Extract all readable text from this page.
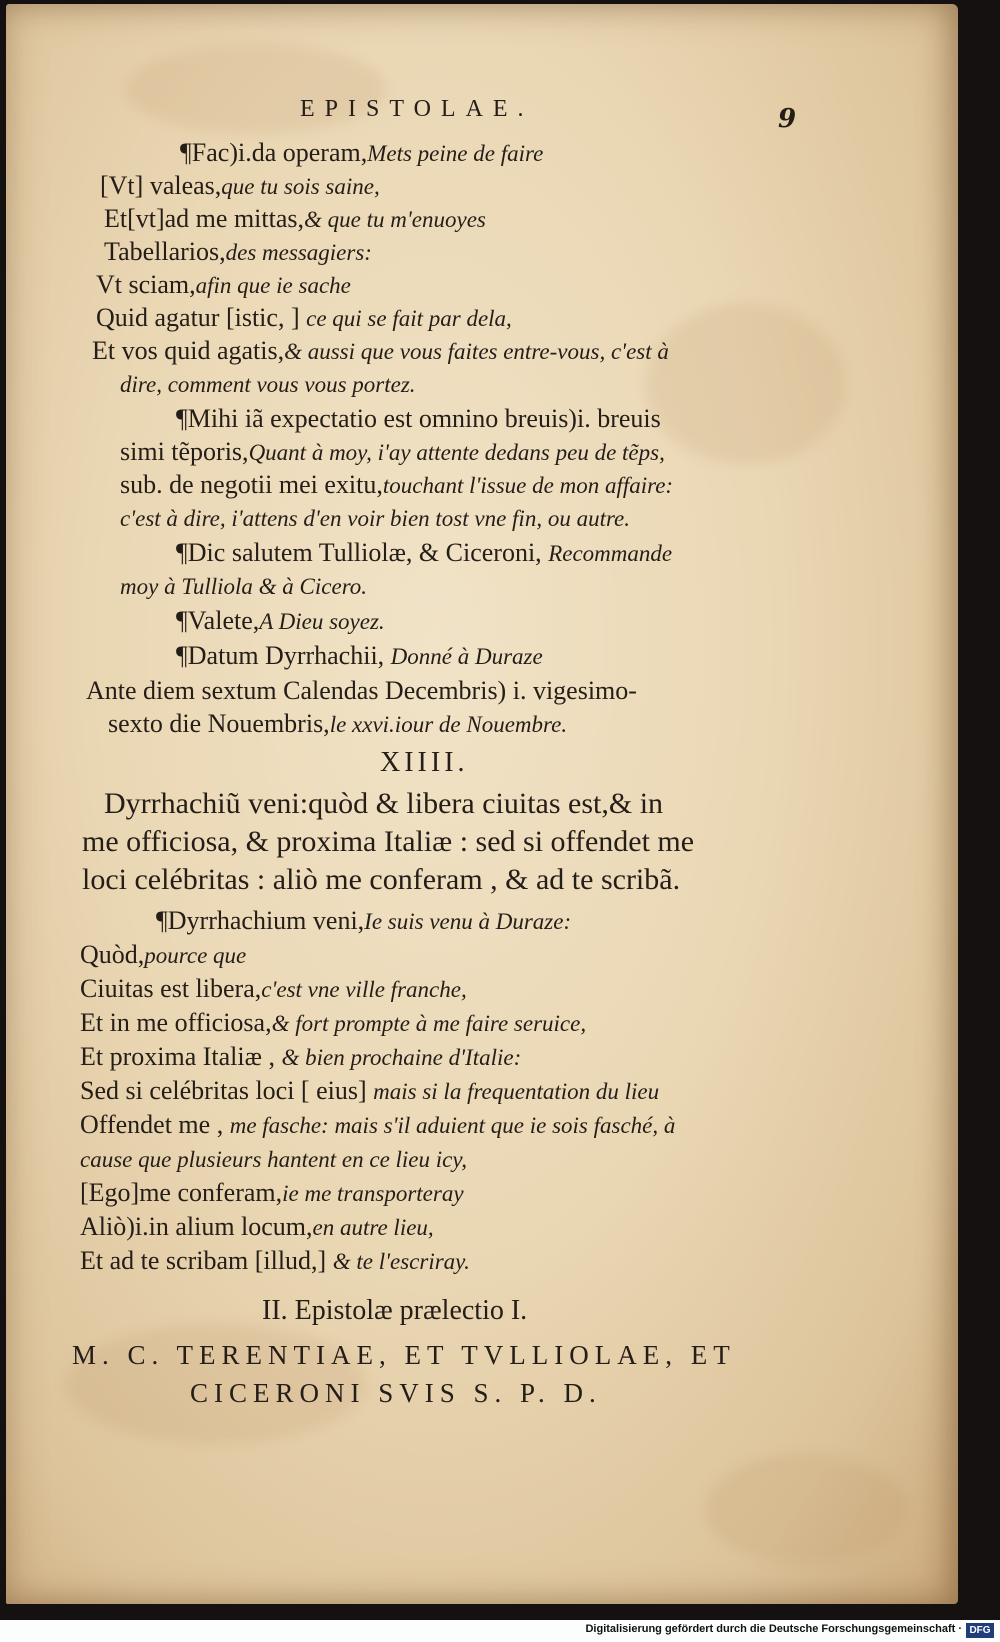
EPISTOLAE.	9
¶Fac)i.da operam,Mets peine de faire
[Vt] valeas,que tu sois saine,
Et[vt]ad me mittas,& que tu m'enuoyes
Tabellarios,des messagiers:
Vt sciam,afin que ie sache
Quid agatur [istic, ] ce qui se fait par dela,
Et vos quid agatis,& aussi que vous faites entre-vous, c'est à
dire, comment vous vous portez.
¶Mihi iã expectatio est omnino breuis)i. breuis
simi tẽporis,Quant à moy, i'ay attente dedans peu de tẽps,
sub. de negotii mei exitu,touchant l'issue de mon affaire:
c'est à dire, i'attens d'en voir bien tost vne fin, ou autre.
¶Dic salutem Tulliolæ, & Ciceroni, Recommande
moy à Tulliola & à Cicero.
¶Valete,A Dieu soyez.
¶Datum Dyrrhachii, Donné à Duraze
Ante diem sextum Calendas Decembris) i. vigesimo-
sexto die Nouembris,le xxvi.iour de Nouembre.
XIIII.
Dyrrhachiũ veni:quòd & libera ciuitas est,& in
me officiosa, & proxima Italiæ : sed si offendet me
loci celébritas : aliò me conferam , & ad te scribã.
¶Dyrrhachium veni,Ie suis venu à Duraze:
Quòd,pource que
Ciuitas est libera,c'est vne ville franche,
Et in me officiosa,& fort prompte à me faire seruice,
Et proxima Italiæ , & bien prochaine d'Italie:
Sed si celébritas loci [ eius] mais si la frequentation du lieu
Offendet me , me fasche: mais s'il aduient que ie sois fasché, à
cause que plusieurs hantent en ce lieu icy,
[Ego]me conferam,ie me transporteray
Aliò)i.in alium locum,en autre lieu,
Et ad te scribam [illud,] & te l'escriray.
II. Epistolæ prælectio I.
M. C. TERENTIAE, ET TVLLIOLAE, ET
CICERONI SVIS S. P. D.
Digitalisierung gefördert durch die Deutsche Forschungsgemeinschaft · DFG
